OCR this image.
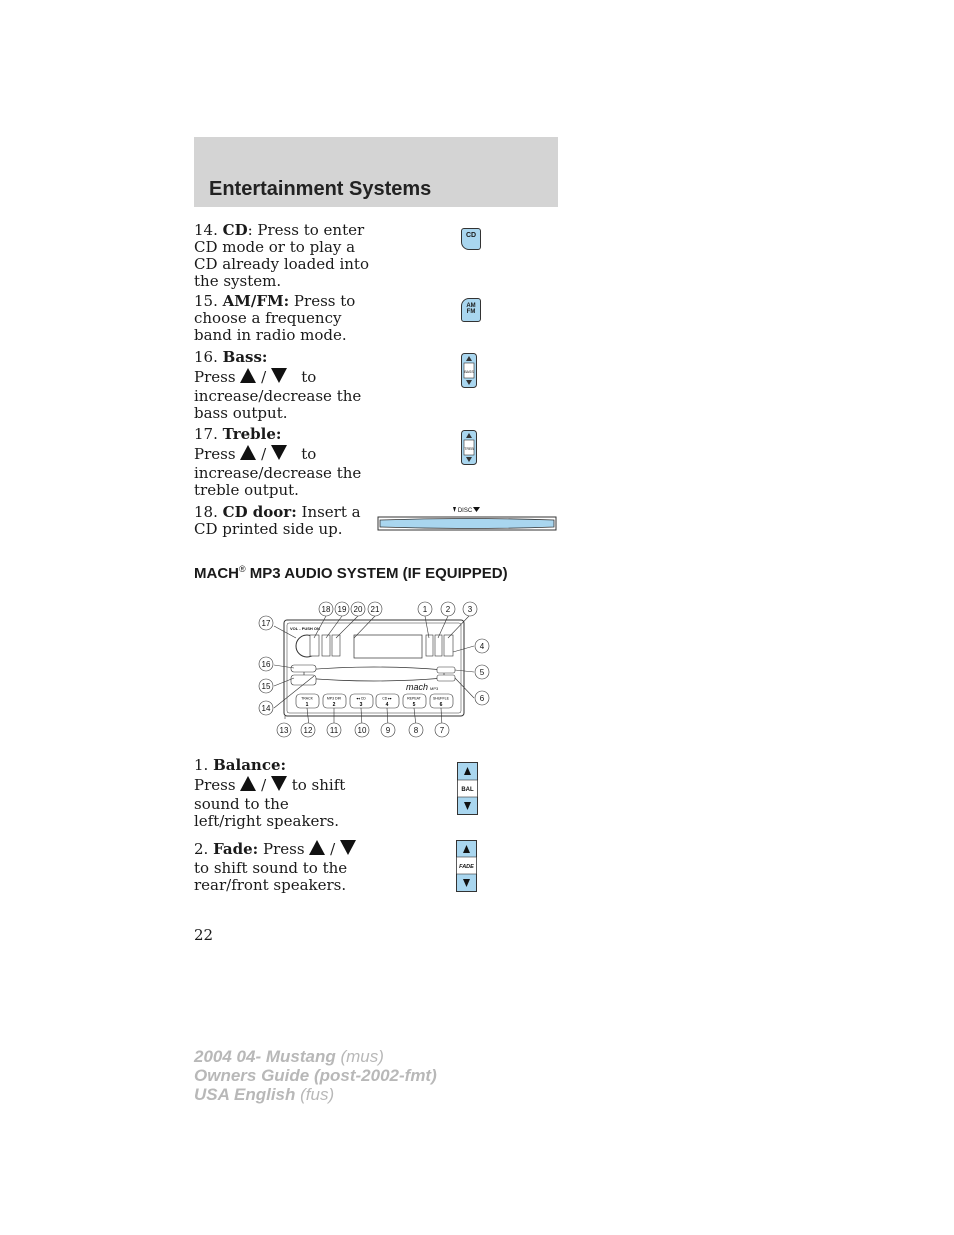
Entertainment Systems
14. CD: Press to enter CD mode or to play a CD already loaded into the system.
CD
15. AM/FM: Press to choose a frequency band in radio mode.
AM
FM
16. Bass:
Press / to
increase/decrease the bass output.
BASS
17. Treble:
Press / to
increase/decrease the treble output.
TREB
18. CD door: Insert a CD printed side up.
DISC
MACH® MP3 AUDIO SYSTEM (IF EQUIPPED)
VOL - PUSH ON
mach MP3
TRACK
1
MP3 DIR
2
◂◂ CD
3
CD ▸▸
4
REPEAT
5
SHUFFLE
6
18 19 20 21	1 2 3
4
5
6
17
16
15
14
13 12 11 10 9	8	7
1. Balance:
Press / to shift

sound to the left/right speakers.
BAL
2. Fade: Press /

to shift sound to the rear/front speakers.
FADE
22
2004 04- Mustang (mus)
Owners Guide (post-2002-fmt)
USA English (fus)
